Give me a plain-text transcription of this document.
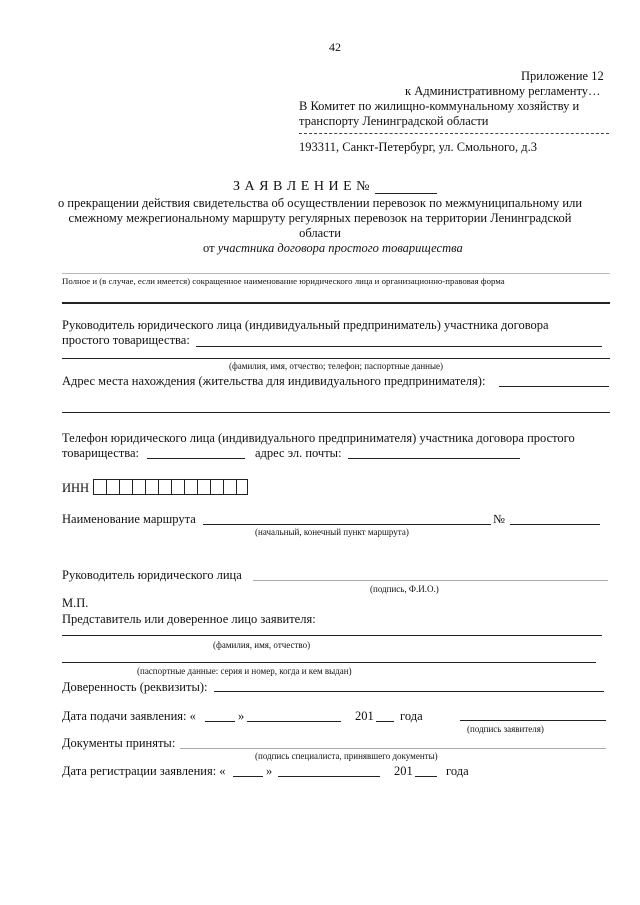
42
Приложение 12
к Административному регламенту…
В Комитет по жилищно-коммунальному хозяйству и
транспорту Ленинградской области
193311, Санкт-Петербург, ул. Смольного, д.3
З А Я В Л Е Н И Е №
о прекращении действия свидетельства об осуществлении перевозок по межмуниципальному или
смежному межрегиональному маршруту регулярных перевозок на территории Ленинградской
области
от участника договора простого товарищества
Полное и (в случае, если имеется) сокращенное наименование юридического лица и организационно-правовая форма
Руководитель юридического лица (индивидуальный предприниматель) участника договора
простого товарищества:
(фамилия, имя, отчество; телефон; паспортные данные)
Адрес места нахождения (жительства для индивидуального предпринимателя):
Телефон юридического лица (индивидуального предпринимателя) участника договора простого
товарищества:	адрес эл. почты:
ИНН
Наименование маршрута	№
(начальный, конечный пункт маршрута)
Руководитель юридического лица
(подпись, Ф.И.О.)
М.П.
Представитель или доверенное лицо заявителя:
(фамилия, имя, отчество)
(паспортные данные: серия и номер, когда и кем выдан)
Доверенность (реквизиты):
Дата подачи заявления: «	»	201 года
(подпись заявителя)
Документы приняты:
(подпись специалиста, принявшего документы)
Дата регистрации заявления: «	»	201	года
